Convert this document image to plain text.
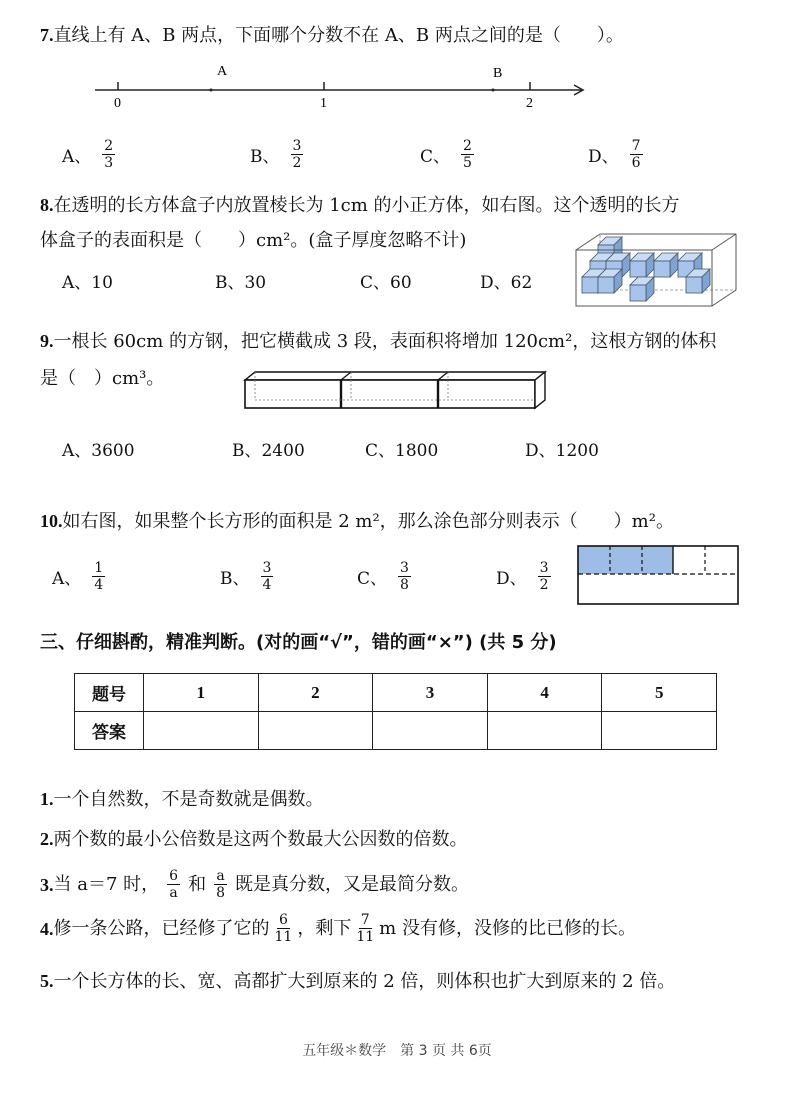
7.直线上有 A、B 两点，下面哪个分数不在 A、B 两点之间的是（　　）。
A	B
0	1	2
A、 $\frac{2}{3}$	B、 $\frac{3}{2}$	C、 $\frac{2}{5}$	D、 $\frac{7}{6}$
8.在透明的长方体盒子内放置棱长为 1cm 的小正方体，如右图。这个透明的长方
体盒子的表面积是（　　）cm²。(盒子厚度忽略不计)
A、10	B、30	C、60	D、62
9.一根长 60cm 的方钢，把它横截成 3 段，表面积将增加 120cm²，这根方钢的体积
是（　）cm³。
A、3600	B、2400	C、1800	D、1200
10.如右图，如果整个长方形的面积是 2 m²，那么涂色部分则表示（　　）m²。
A、 $\frac{1}{4}$	B、 $\frac{3}{4}$	C、 $\frac{3}{8}$	D、 $\frac{3}{2}$
三、仔细斟酌，精准判断。(对的画“√”，错的画“×”) (共 5 分)
题号	1	2	3	4	5
答案					
1.一个自然数，不是奇数就是偶数。
2.两个数的最小公倍数是这两个数最大公因数的倍数。
3. 当 a＝7 时， $\frac{6}{a}$ 和 $\frac{a}{8}$ 既是真分数，又是最简分数。
4. 修一条公路，已经修了它的 $\frac{6}{11}$ ，剩下 $\frac{7}{11}$ m 没有修，没修的比已修的长。
5.一个长方体的长、宽、高都扩大到原来的 2 倍，则体积也扩大到原来的 2 倍。
五年级＊数学　第 3 页 共 6页
